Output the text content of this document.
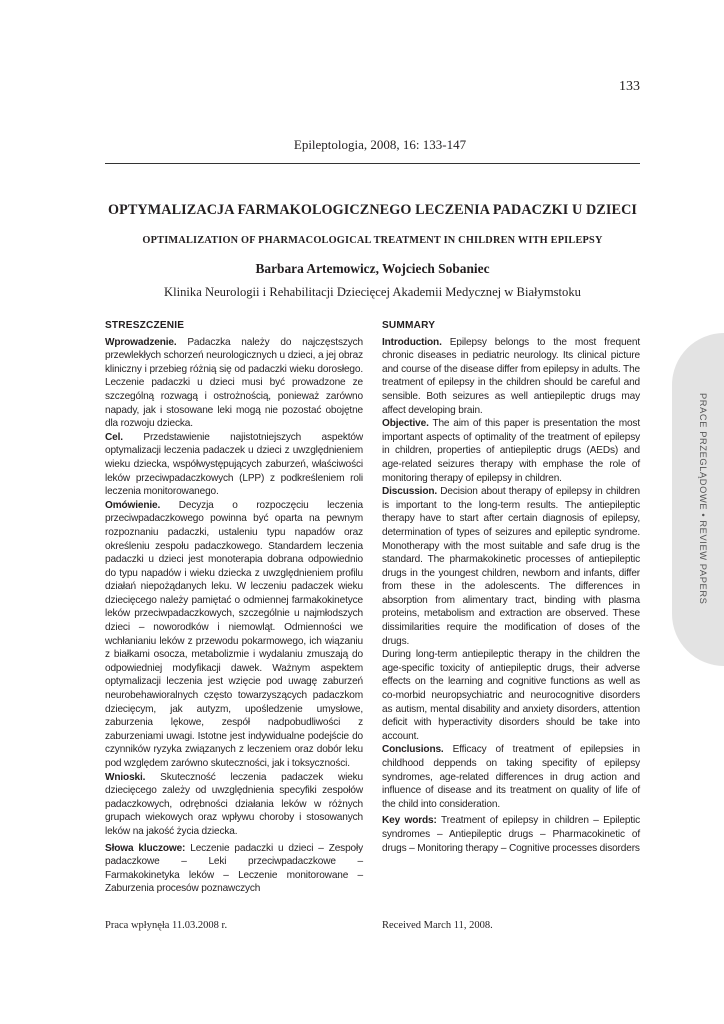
133
Epileptologia, 2008, 16: 133-147
OPTYMALIZACJA FARMAKOLOGICZNEGO LECZENIA PADACZKI U DZIECI
OPTIMALIZATION OF PHARMACOLOGICAL TREATMENT IN CHILDREN WITH EPILEPSY
Barbara Artemowicz, Wojciech Sobaniec
Klinika Neurologii i Rehabilitacji Dziecięcej Akademii Medycznej w Białymstoku
STRESZCZENIE

Wprowadzenie. Padaczka należy do najczęstszych przewlekłych schorzeń neurologicznych u dzieci, a jej obraz kliniczny i przebieg różnią się od padaczki wieku dorosłego. Leczenie padaczki u dzieci musi być prowadzone ze szczególną rozwagą i ostrożnością, ponieważ zarówno napady, jak i stosowane leki mogą nie pozostać obojętne dla rozwoju dziecka.

Cel. Przedstawienie najistotniejszych aspektów optymalizacji leczenia padaczek u dzieci z uwzględnieniem wieku dziecka, współwystępujących zaburzeń, właściwości leków przeciwpadaczkowych (LPP) z podkreśleniem roli leczenia monitorowanego.

Omówienie. Decyzja o rozpoczęciu leczenia przeciwpadaczkowego powinna być oparta na pewnym rozpoznaniu padaczki, ustaleniu typu napadów oraz określeniu zespołu padaczkowego. Standardem leczenia padaczki u dzieci jest monoterapia dobrana odpowiednio do typu napadów i wieku dziecka z uwzględnieniem profilu działań niepożądanych leku. W leczeniu padaczek wieku dziecięcego należy pamiętać o odmiennej farmakokinetyce leków przeciwpadaczkowych, szczególnie u najmłodszych dzieci – noworodków i niemowląt. Odmienności we wchłanianiu leków z przewodu pokarmowego, ich wiązaniu z białkami osocza, metabolizmie i wydalaniu zmuszają do odpowiedniej modyfikacji dawek. Ważnym aspektem optymalizacji leczenia jest wzięcie pod uwagę zaburzeń neurobehawioralnych często towarzyszących padaczkom dziecięcym, jak autyzm, upośledzenie umysłowe, zaburzenia lękowe, zespół nadpobudliwości z zaburzeniami uwagi. Istotne jest indywidualne podejście do czynników ryzyka związanych z leczeniem oraz dobór leku pod względem zarówno skuteczności, jak i toksyczności.

Wnioski. Skuteczność leczenia padaczek wieku dziecięcego zależy od uwzględnienia specyfiki zespołów padaczkowych, odrębności działania leków w różnych grupach wiekowych oraz wpływu choroby i stosowanych leków na jakość życia dziecka.

Słowa kluczowe: Leczenie padaczki u dzieci – Zespoły padaczkowe – Leki przeciwpadaczkowe – Farmakokinetyka leków – Leczenie monitorowane – Zaburzenia procesów poznawczych

SUMMARY

Introduction. Epilepsy belongs to the most frequent chronic diseases in pediatric neurology. Its clinical picture and course of the disease differ from epilepsy in adults. The treatment of epilepsy in the children should be careful and sensible. Both seizures as well antiepileptic drugs may affect developing brain.

Objective. The aim of this paper is presentation the most important aspects of optimality of the treatment of epilepsy in children, properties of antiepileptic drugs (AEDs) and age-related seizures therapy with emphase the role of monitoring therapy of epilepsy in children.

Discussion. Decision about therapy of epilepsy in children is important to the long-term results. The antiepileptic therapy have to start after certain diagnosis of epilepsy, determination of types of seizures and epileptic syndrome. Monotherapy with the most suitable and safe drug is the standard. The pharmakokinetic processes of antiepileptic drugs in the youngest children, newborn and infants, differ from these in the adolescents. The differences in absorption from alimentary tract, binding with plasma proteins, metabolism and extraction are observed. These dissimilarities require the modification of doses of the drugs.

During long-term antiepileptic therapy in the children the age-specific toxicity of antiepileptic drugs, their adverse effects on the learning and cognitive functions as well as co-morbid neuropsychiatric and neurocognitive disorders as autism, mental disability and anxiety disorders, attention deficit with hyperactivity disorders should be take into account.

Conclusions. Efficacy of treatment of epilepsies in childhood deppends on taking specifity of epilepsy syndromes, age-related differences in drug action and influence of disease and its treatment on quality of life of the child into consideration.

Key words: Treatment of epilepsy in children – Epileptic syndromes – Antiepileptic drugs – Pharmacokinetic of drugs – Monitoring therapy – Cognitive processes disorders

Praca wpłynęła 11.03.2008 r.	Received March 11, 2008.
PRACE PRZEGLĄDOWE • REVIEW PAPERS
